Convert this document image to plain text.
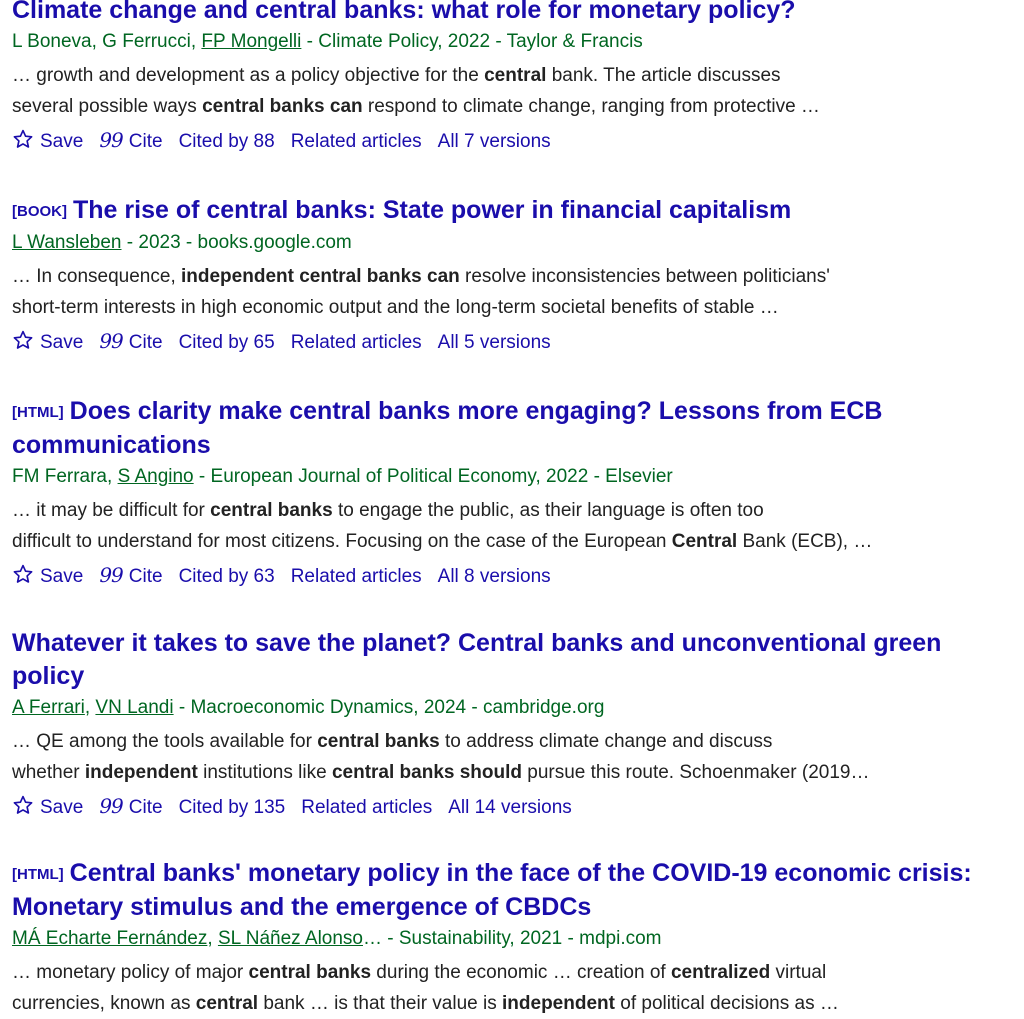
Climate change and central banks: what role for monetary policy?
L Boneva, G Ferrucci, FP Mongelli - Climate Policy, 2022 - Taylor & Francis
… growth and development as a policy objective for the central bank. The article discusses
several possible ways central banks can respond to climate change, ranging from protective …
Save 99 Cite Cited by 88 Related articles All 7 versions
[BOOK] The rise of central banks: State power in financial capitalism
L Wansleben - 2023 - books.google.com
… In consequence, independent central banks can resolve inconsistencies between politicians'
short-term interests in high economic output and the long-term societal benefits of stable …
Save 99 Cite Cited by 65 Related articles All 5 versions
[HTML] Does clarity make central banks more engaging? Lessons from ECB communications
FM Ferrara, S Angino - European Journal of Political Economy, 2022 - Elsevier
… it may be difficult for central banks to engage the public, as their language is often too
difficult to understand for most citizens. Focusing on the case of the European Central Bank (ECB), …
Save 99 Cite Cited by 63 Related articles All 8 versions
Whatever it takes to save the planet? Central banks and unconventional green policy
A Ferrari, VN Landi - Macroeconomic Dynamics, 2024 - cambridge.org
… QE among the tools available for central banks to address climate change and discuss
whether independent institutions like central banks should pursue this route. Schoenmaker (2019…
Save 99 Cite Cited by 135 Related articles All 14 versions
[HTML] Central banks' monetary policy in the face of the COVID-19 economic crisis: Monetary stimulus and the emergence of CBDCs
MÁ Echarte Fernández, SL Náñez Alonso… - Sustainability, 2021 - mdpi.com
… monetary policy of major central banks during the economic … creation of centralized virtual
currencies, known as central bank … is that their value is independent of political decisions as …
